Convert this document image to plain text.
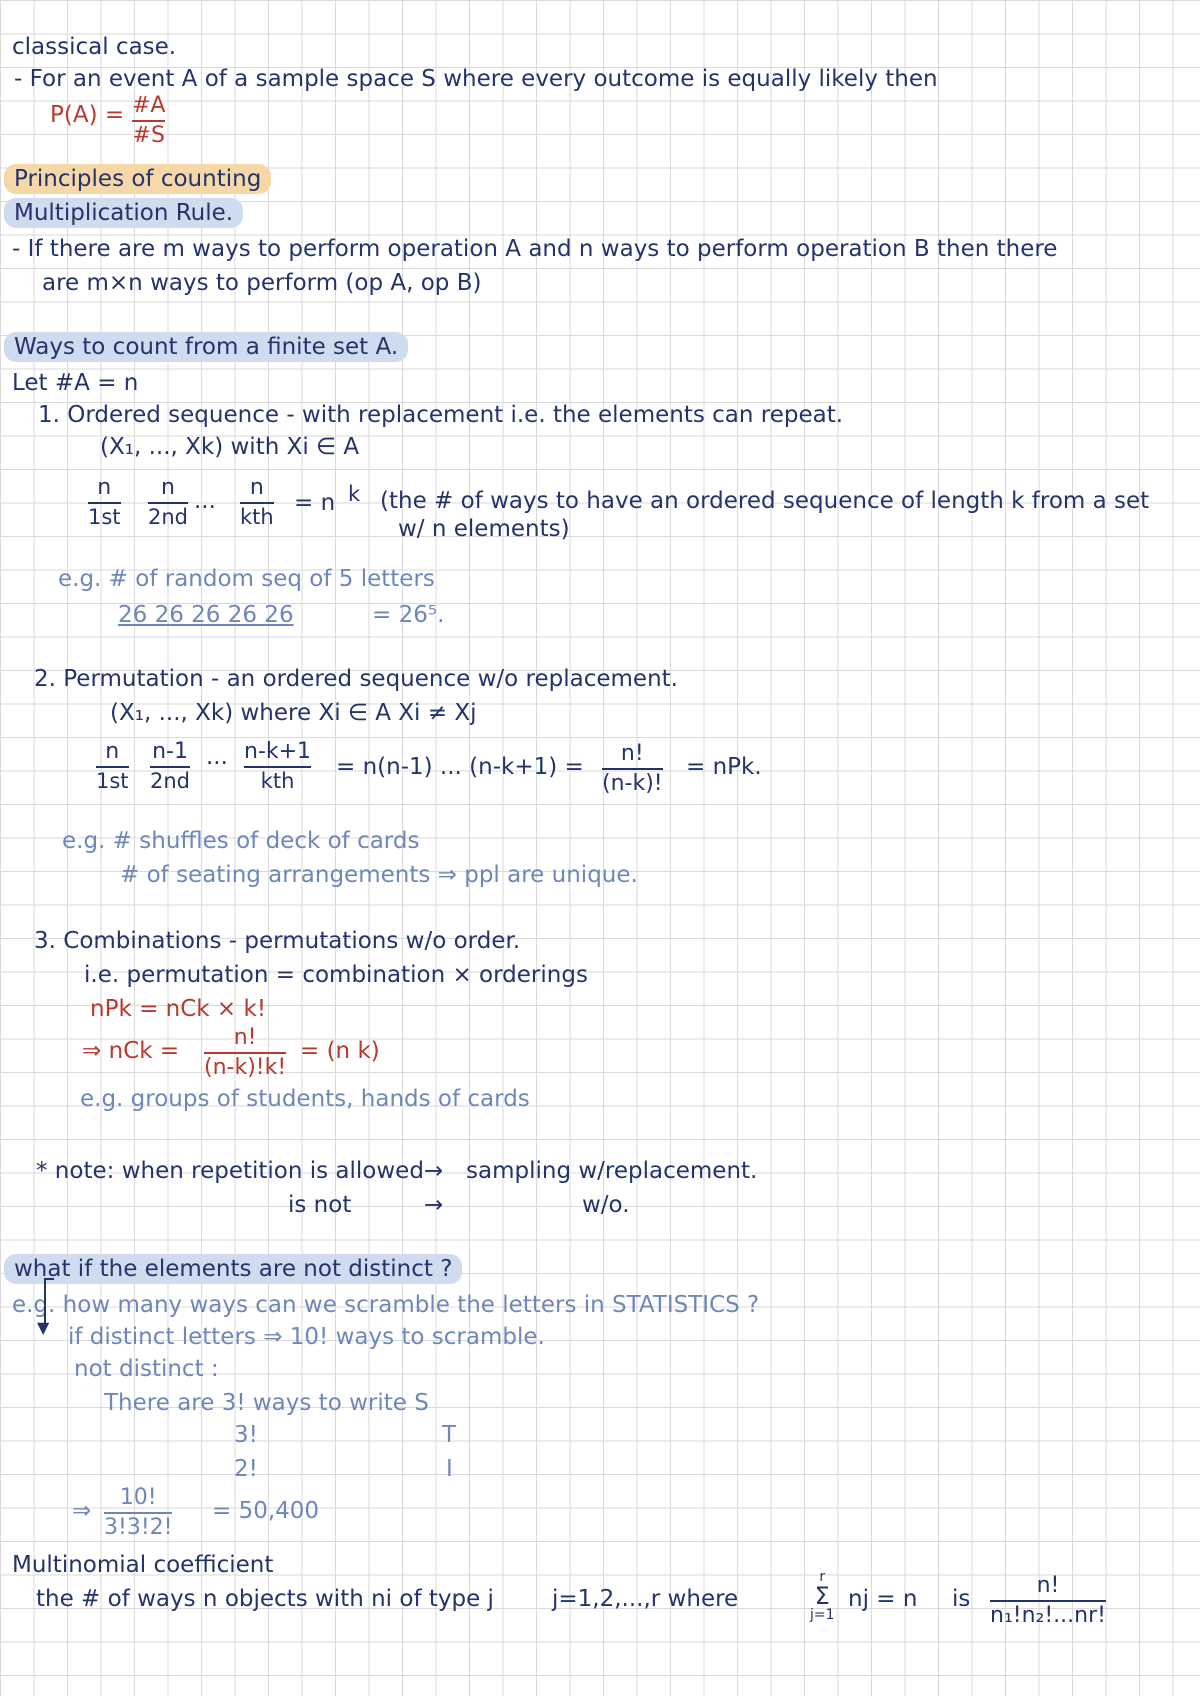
classical case.
- For an event A of a sample space S where every outcome is equally likely then
P(A) = #A
#S
Principles of counting
Multiplication Rule.
- If there are m ways to perform operation A and n ways to perform operation B then there
are m×n ways to perform (op A, op B)
Ways to count from a finite set A.
Let #A = n
1. Ordered sequence - with replacement i.e. the elements can repeat.
(X₁, ..., Xk) with Xi ∈ A
n
1st
n
2nd
...
n
kth
= n k (the # of ways to have an ordered sequence of length k from a set
w/ n elements)
e.g. # of random seq of 5 letters
26 26 26 26 26	= 26⁵.
2. Permutation - an ordered sequence w/o replacement.
(X₁, ..., Xk) where Xi ∈ A Xi ≠ Xj
n
1st
n-1
2nd
... n-k+1
kth
= n(n-1) ... (n-k+1) =
n!
(n-k)!
= nPk.
e.g. # shuffles of deck of cards
# of seating arrangements ⇒ ppl are unique.
3. Combinations - permutations w/o order.
i.e. permutation = combination × orderings
nPk = nCk × k!
⇒ nCk =
n!
(n-k)!k!
= (n k)
e.g. groups of students, hands of cards
* note: when repetition is allowed → sampling w/replacement.
is not	→	w/o.
what if the elements are not distinct ?
e.g. how many ways can we scramble the letters in STATISTICS ?
▼ if distinct letters ⇒ 10! ways to scramble.
not distinct :
There are 3! ways to write S
3!	T
2!	I
⇒
10!
3!3!2!
= 50,400
Multinomial coefficient
the # of ways n objects with ni of type j	j=1,2,...,r where
r
Σ
j=1
nj = n is
n!
n₁!n₂!...nr!
